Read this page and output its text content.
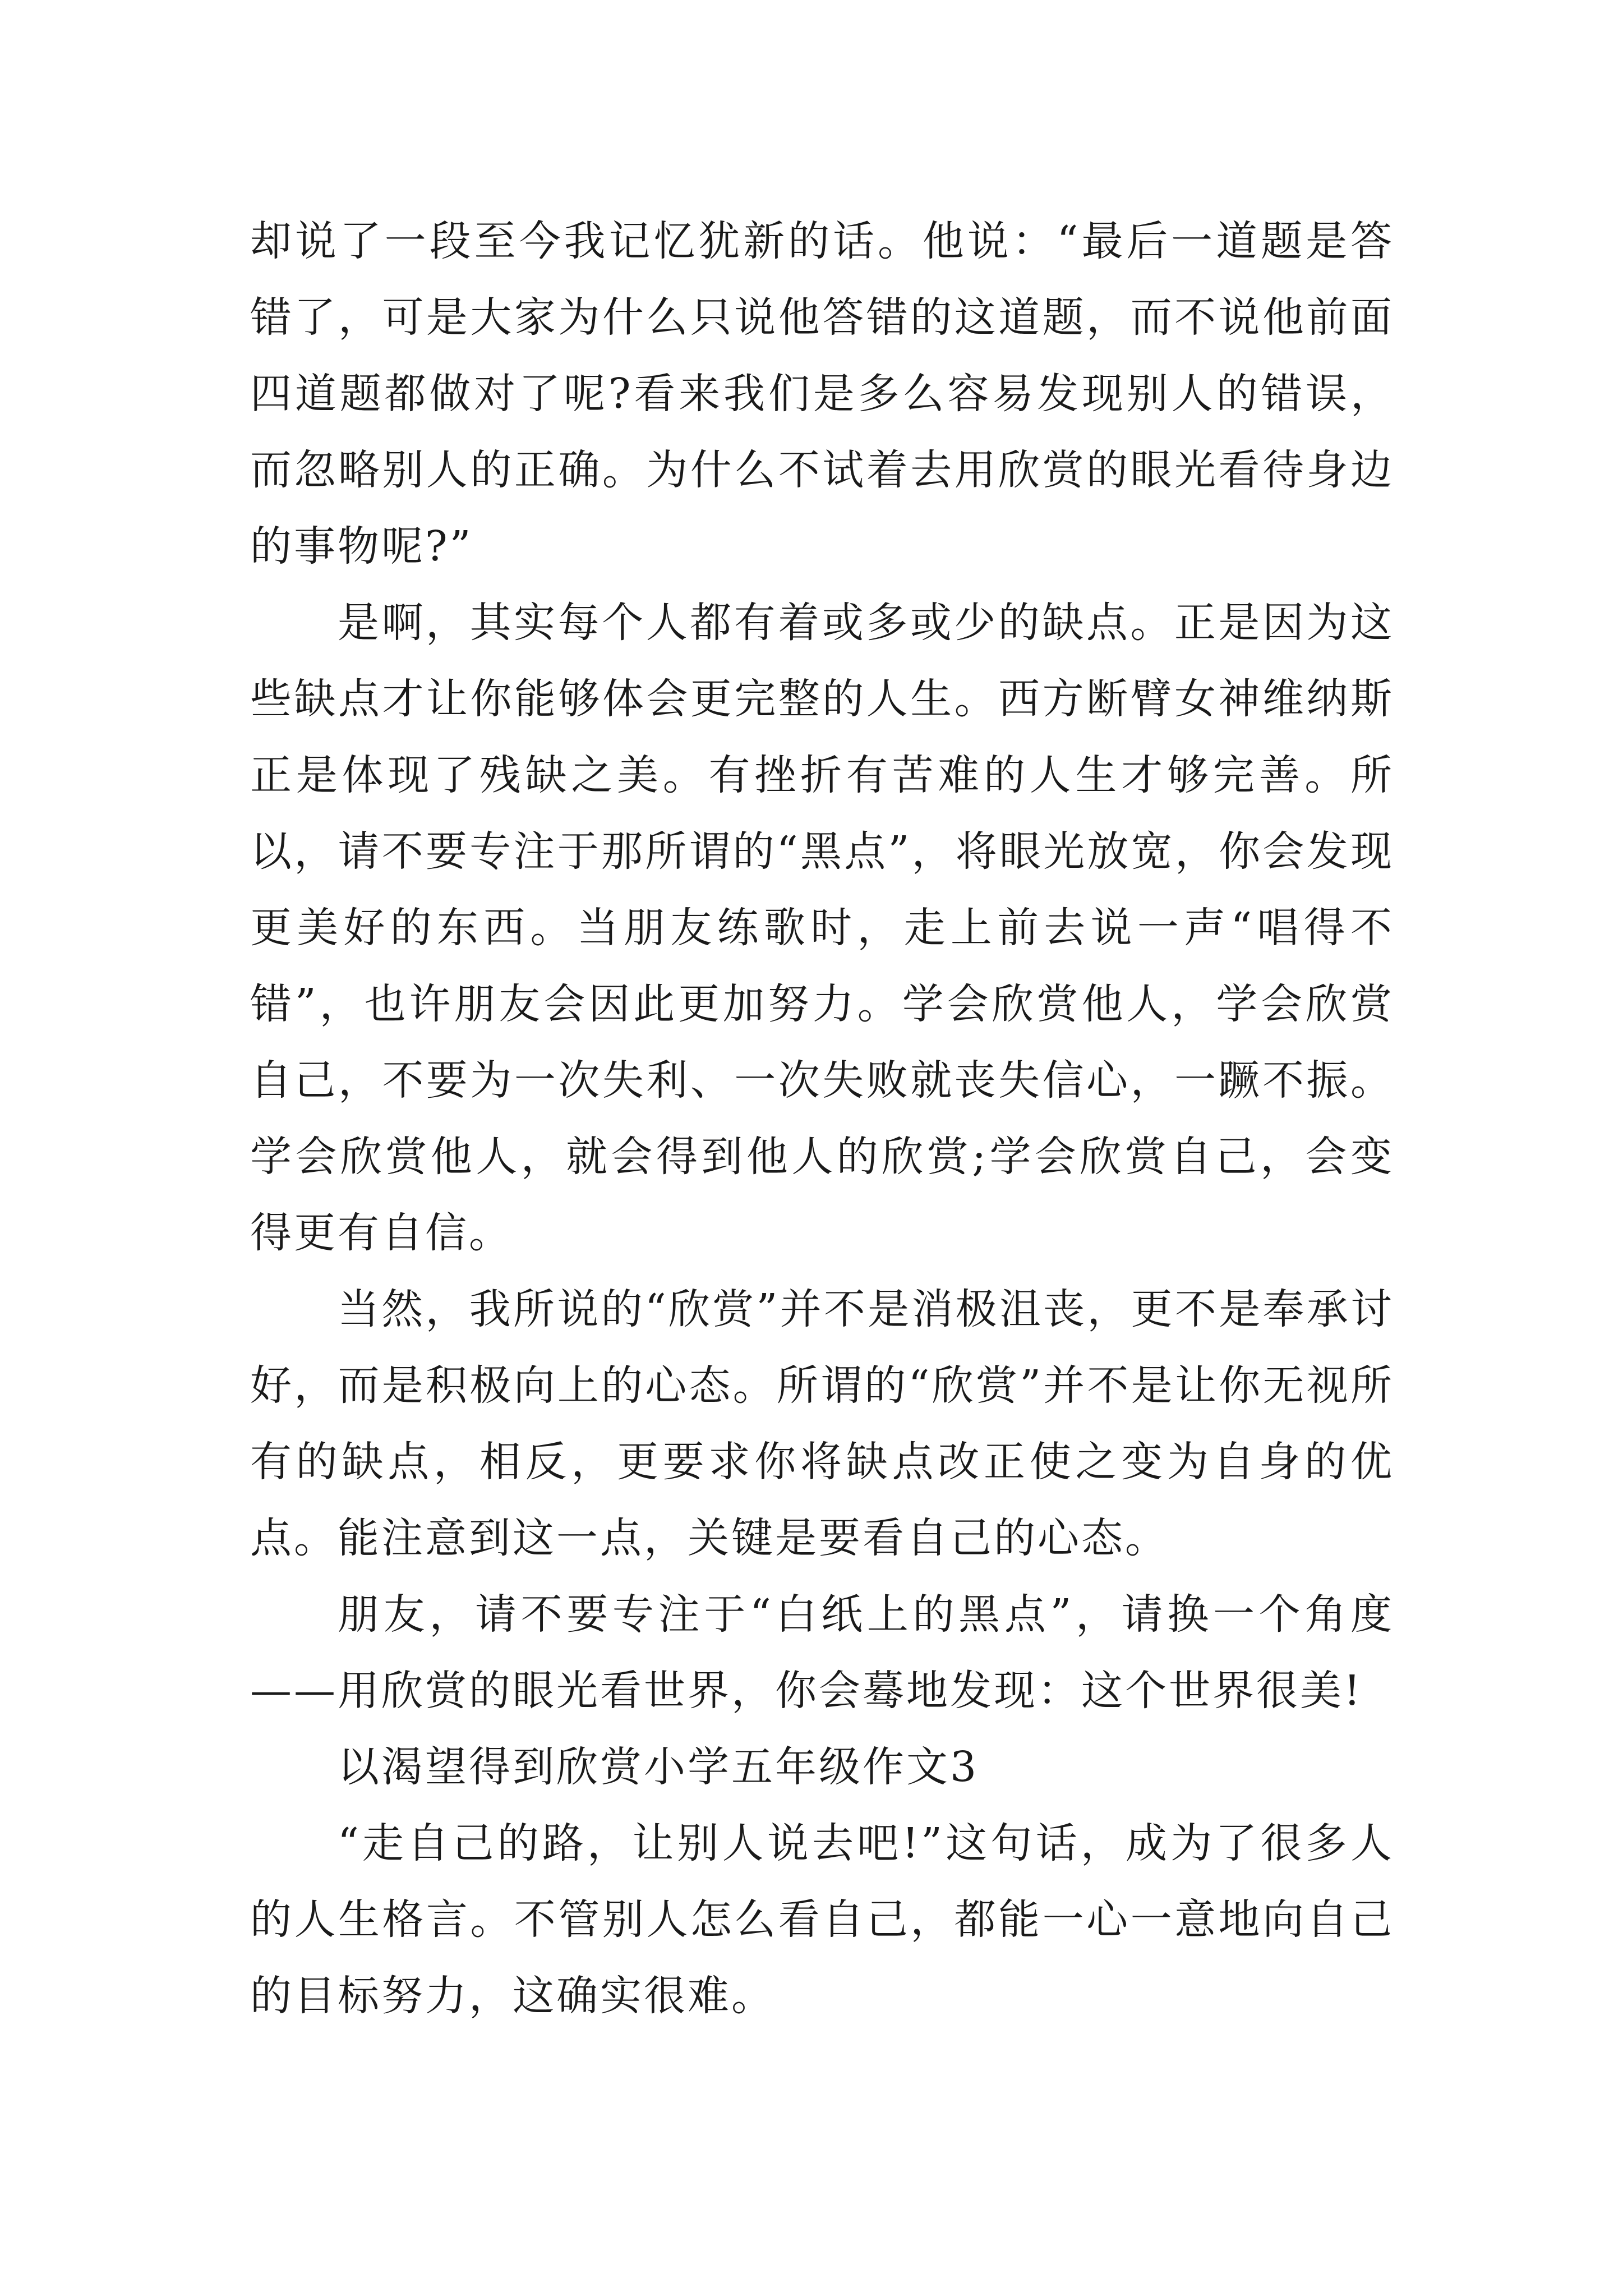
却说了一段至今我记忆犹新的话。他说：“最后一道题是答错了，可是大家为什么只说他答错的这道题，而不说他前面四道题都做对了呢?看来我们是多么容易发现别人的错误，而忽略别人的正确。为什么不试着去用欣赏的眼光看待身边的事物呢?”

是啊，其实每个人都有着或多或少的缺点。正是因为这些缺点才让你能够体会更完整的人生。西方断臂女神维纳斯正是体现了残缺之美。有挫折有苦难的人生才够完善。所以，请不要专注于那所谓的“黑点”，将眼光放宽，你会发现更美好的东西。当朋友练歌时，走上前去说一声“唱得不错”，也许朋友会因此更加努力。学会欣赏他人，学会欣赏自己，不要为一次失利、一次失败就丧失信心，一蹶不振。学会欣赏他人，就会得到他人的欣赏;学会欣赏自己，会变得更有自信。

当然，我所说的“欣赏”并不是消极沮丧，更不是奉承讨好，而是积极向上的心态。所谓的“欣赏”并不是让你无视所有的缺点，相反，更要求你将缺点改正使之变为自身的优点。能注意到这一点，关键是要看自己的心态。

朋友，请不要专注于“白纸上的黑点”，请换一个角度——用欣赏的眼光看世界，你会蓦地发现：这个世界很美!

以渴望得到欣赏小学五年级作文3

“走自己的路，让别人说去吧!”这句话，成为了很多人的人生格言。不管别人怎么看自己，都能一心一意地向自己的目标努力，这确实很难。
